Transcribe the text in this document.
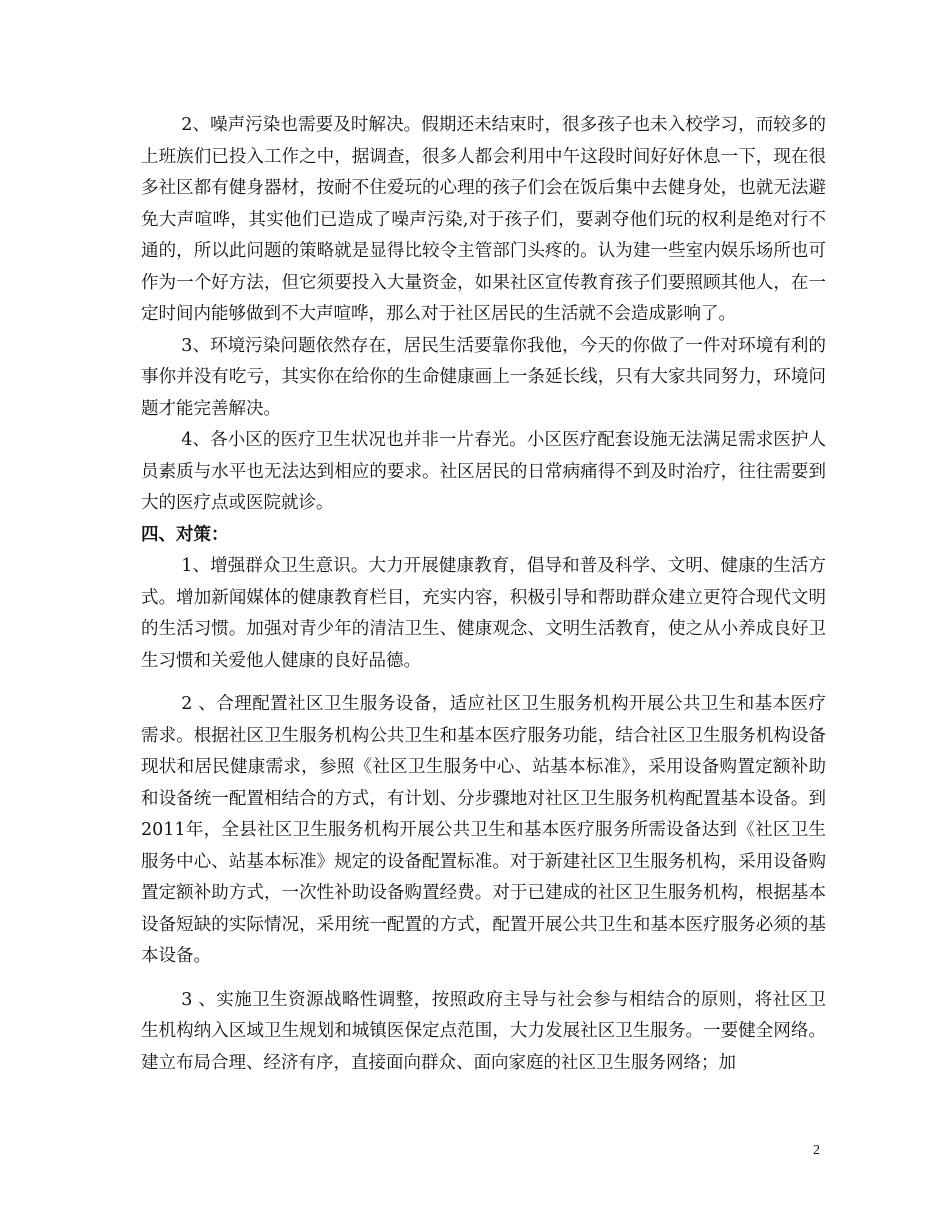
2、噪声污染也需要及时解决。假期还未结束时，很多孩子也未入校学习，而较多的上班族们已投入工作之中，据调查，很多人都会利用中午这段时间好好休息一下，现在很多社区都有健身器材，按耐不住爱玩的心理的孩子们会在饭后集中去健身处，也就无法避免大声喧哗，其实他们已造成了噪声污染,对于孩子们，要剥夺他们玩的权利是绝对行不通的，所以此问题的策略就是显得比较令主管部门头疼的。认为建一些室内娱乐场所也可作为一个好方法，但它须要投入大量资金，如果社区宣传教育孩子们要照顾其他人，在一定时间内能够做到不大声喧哗，那么对于社区居民的生活就不会造成影响了。

3、环境污染问题依然存在，居民生活要靠你我他，今天的你做了一件对环境有利的事你并没有吃亏，其实你在给你的生命健康画上一条延长线，只有大家共同努力，环境问题才能完善解决。

4、各小区的医疗卫生状况也并非一片春光。小区医疗配套设施无法满足需求医护人员素质与水平也无法达到相应的要求。社区居民的日常病痛得不到及时治疗，往往需要到大的医疗点或医院就诊。

四、对策：

1、增强群众卫生意识。大力开展健康教育，倡导和普及科学、文明、健康的生活方式。增加新闻媒体的健康教育栏目，充实内容，积极引导和帮助群众建立更符合现代文明的生活习惯。加强对青少年的清洁卫生、健康观念、文明生活教育，使之从小养成良好卫生习惯和关爱他人健康的良好品德。

2 、合理配置社区卫生服务设备，适应社区卫生服务机构开展公共卫生和基本医疗需求。根据社区卫生服务机构公共卫生和基本医疗服务功能，结合社区卫生服务机构设备现状和居民健康需求，参照《社区卫生服务中心、站基本标准》，采用设备购置定额补助和设备统一配置相结合的方式，有计划、分步骤地对社区卫生服务机构配置基本设备。到2011年，全县社区卫生服务机构开展公共卫生和基本医疗服务所需设备达到《社区卫生服务中心、站基本标准》规定的设备配置标准。对于新建社区卫生服务机构，采用设备购置定额补助方式，一次性补助设备购置经费。对于已建成的社区卫生服务机构，根据基本设备短缺的实际情况，采用统一配置的方式，配置开展公共卫生和基本医疗服务必须的基本设备。

3 、实施卫生资源战略性调整，按照政府主导与社会参与相结合的原则，将社区卫生机构纳入区域卫生规划和城镇医保定点范围，大力发展社区卫生服务。一要健全网络。建立布局合理、经济有序，直接面向群众、面向家庭的社区卫生服务网络；加

2
